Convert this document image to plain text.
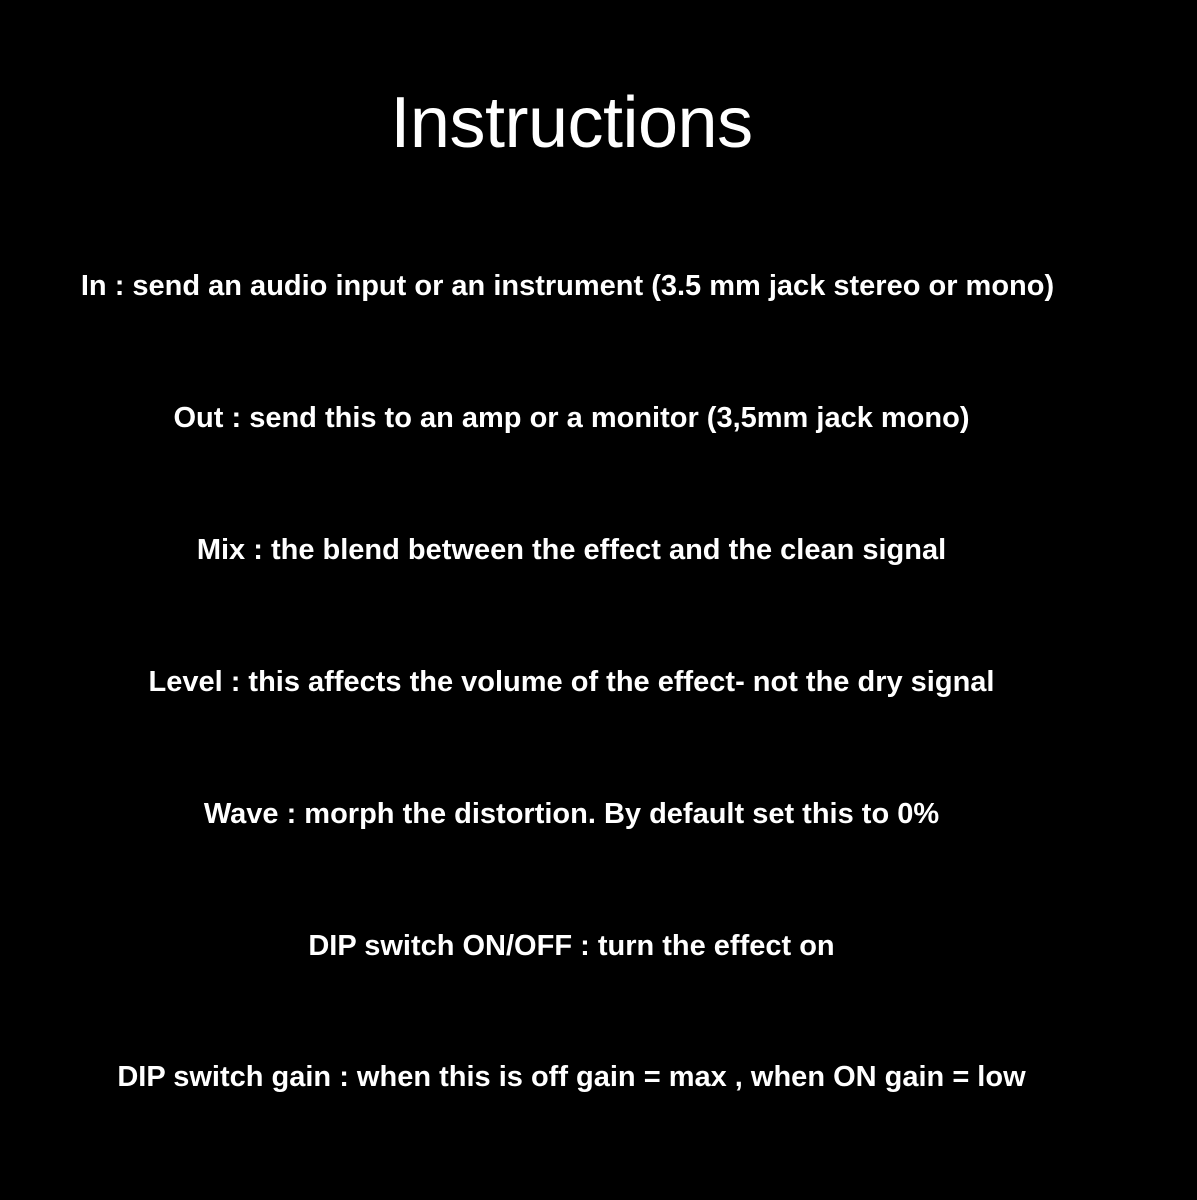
Instructions

In : send an audio input or an instrument (3.5 mm jack stereo or mono)

Out : send this to an amp or a monitor (3,5mm jack mono)

Mix : the blend between the effect and the clean signal

Level : this affects the volume of the effect- not the dry signal

Wave : morph the distortion. By default set this to 0%

DIP switch ON/OFF : turn the effect on

DIP switch gain : when this is off gain = max , when ON gain = low
